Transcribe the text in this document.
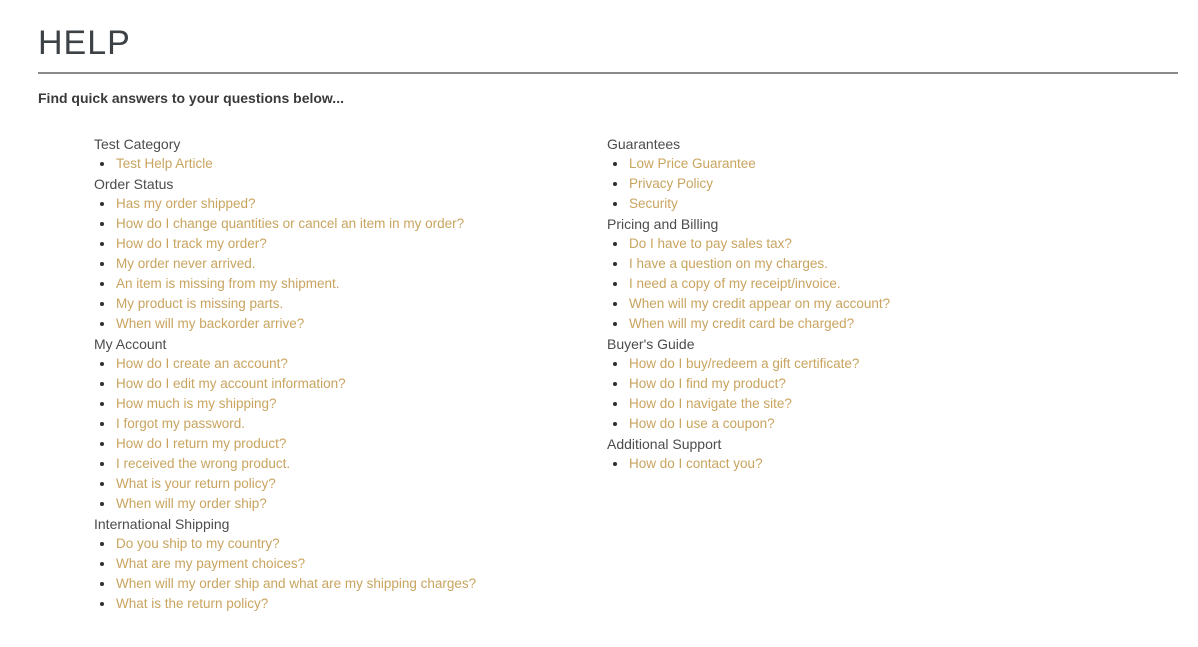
HELP

Find quick answers to your questions below...

Test Category
Test Help Article
Order Status
Has my order shipped?
How do I change quantities or cancel an item in my order?
How do I track my order?
My order never arrived.
An item is missing from my shipment.
My product is missing parts.
When will my backorder arrive?
My Account
How do I create an account?
How do I edit my account information?
How much is my shipping?
I forgot my password.
How do I return my product?
I received the wrong product.
What is your return policy?
When will my order ship?
International Shipping
Do you ship to my country?
What are my payment choices?
When will my order ship and what are my shipping charges?
What is the return policy?
Guarantees
Low Price Guarantee
Privacy Policy
Security
Pricing and Billing
Do I have to pay sales tax?
I have a question on my charges.
I need a copy of my receipt/invoice.
When will my credit appear on my account?
When will my credit card be charged?
Buyer's Guide
How do I buy/redeem a gift certificate?
How do I find my product?
How do I navigate the site?
How do I use a coupon?
Additional Support
How do I contact you?
